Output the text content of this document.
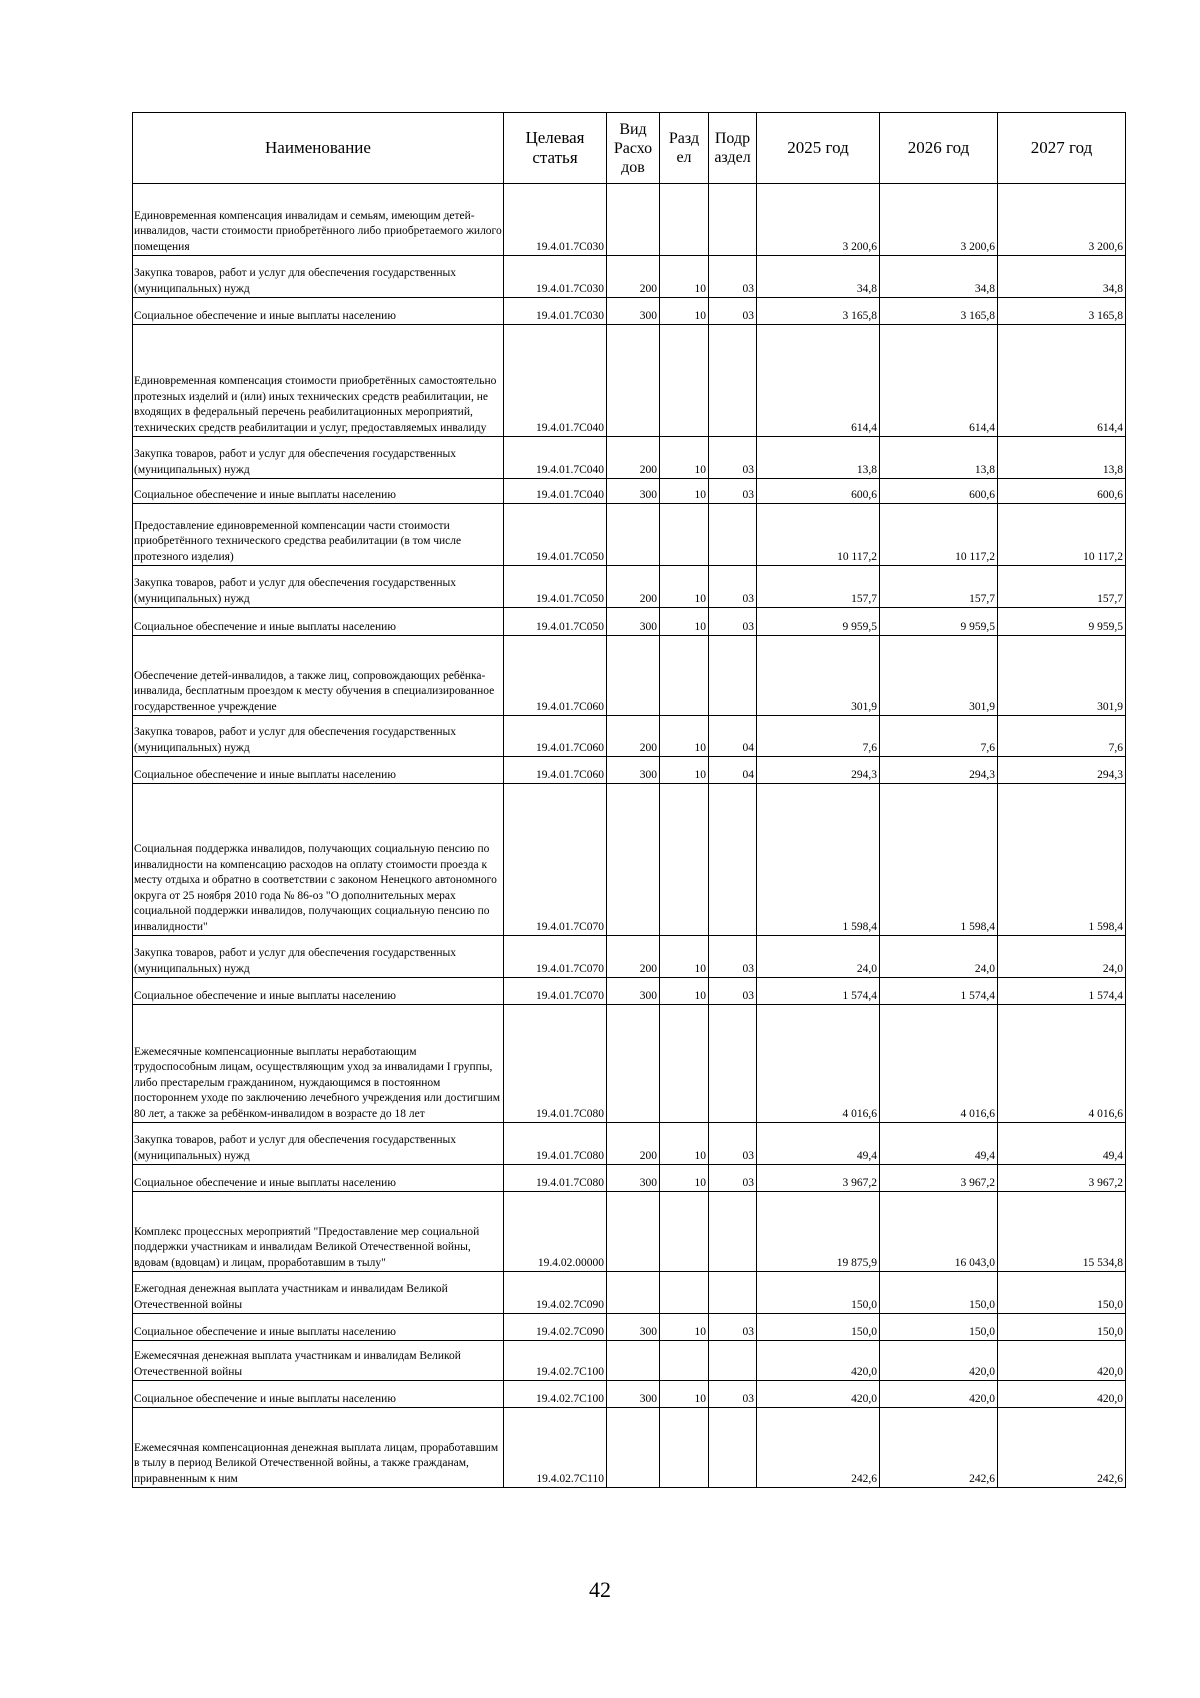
Наименование	Целевая статья	Вид Расхо дов	Разд ел	Подр аздел	2025 год	2026 год	2027 год
Единовременная компенсация инвалидам и семьям, имеющим детей-инвалидов, части стоимости приобретённого либо приобретаемого жилого помещения	19.4.01.7С030				3 200,6	3 200,6	3 200,6
Закупка товаров, работ и услуг для обеспечения государственных (муниципальных) нужд	19.4.01.7С030	200	10	03	34,8	34,8	34,8
Социальное обеспечение и иные выплаты населению	19.4.01.7С030	300	10	03	3 165,8	3 165,8	3 165,8
Единовременная компенсация стоимости приобретённых самостоятельно протезных изделий и (или) иных технических средств реабилитации, не входящих в федеральный перечень реабилитационных мероприятий, технических средств реабилитации и услуг, предоставляемых инвалиду	19.4.01.7С040				614,4	614,4	614,4
Закупка товаров, работ и услуг для обеспечения государственных (муниципальных) нужд	19.4.01.7С040	200	10	03	13,8	13,8	13,8
Социальное обеспечение и иные выплаты населению	19.4.01.7С040	300	10	03	600,6	600,6	600,6
Предоставление единовременной компенсации части стоимости приобретённого технического средства реабилитации (в том числе протезного изделия)	19.4.01.7С050				10 117,2	10 117,2	10 117,2
Закупка товаров, работ и услуг для обеспечения государственных (муниципальных) нужд	19.4.01.7С050	200	10	03	157,7	157,7	157,7
Социальное обеспечение и иные выплаты населению	19.4.01.7С050	300	10	03	9 959,5	9 959,5	9 959,5
Обеспечение детей-инвалидов, а также лиц, сопровождающих ребёнка-инвалида, бесплатным проездом к месту обучения в специализированное государственное учреждение	19.4.01.7С060				301,9	301,9	301,9
Закупка товаров, работ и услуг для обеспечения государственных (муниципальных) нужд	19.4.01.7С060	200	10	04	7,6	7,6	7,6
Социальное обеспечение и иные выплаты населению	19.4.01.7С060	300	10	04	294,3	294,3	294,3
Социальная поддержка инвалидов, получающих социальную пенсию по инвалидности на компенсацию расходов на оплату стоимости проезда к месту отдыха и обратно в соответствии с законом Ненецкого автономного округа от 25 ноября 2010 года № 86-оз "О дополнительных мерах социальной поддержки инвалидов, получающих социальную пенсию по инвалидности"	19.4.01.7С070				1 598,4	1 598,4	1 598,4
Закупка товаров, работ и услуг для обеспечения государственных (муниципальных) нужд	19.4.01.7С070	200	10	03	24,0	24,0	24,0
Социальное обеспечение и иные выплаты населению	19.4.01.7С070	300	10	03	1 574,4	1 574,4	1 574,4
Ежемесячные компенсационные выплаты неработающим трудоспособным лицам, осуществляющим уход за инвалидами I группы, либо престарелым гражданином, нуждающимся в постоянном постороннем уходе по заключению лечебного учреждения или достигшим 80 лет, а также за ребёнком-инвалидом в возрасте до 18 лет	19.4.01.7С080				4 016,6	4 016,6	4 016,6
Закупка товаров, работ и услуг для обеспечения государственных (муниципальных) нужд	19.4.01.7С080	200	10	03	49,4	49,4	49,4
Социальное обеспечение и иные выплаты населению	19.4.01.7С080	300	10	03	3 967,2	3 967,2	3 967,2
Комплекс процессных мероприятий "Предоставление мер социальной поддержки участникам и инвалидам Великой Отечественной войны, вдовам (вдовцам) и лицам, проработавшим в тылу"	19.4.02.00000				19 875,9	16 043,0	15 534,8
Ежегодная денежная выплата участникам и инвалидам Великой Отечественной войны	19.4.02.7С090				150,0	150,0	150,0
Социальное обеспечение и иные выплаты населению	19.4.02.7С090	300	10	03	150,0	150,0	150,0
Ежемесячная денежная выплата участникам и инвалидам Великой Отечественной войны	19.4.02.7С100				420,0	420,0	420,0
Социальное обеспечение и иные выплаты населению	19.4.02.7С100	300	10	03	420,0	420,0	420,0
Ежемесячная компенсационная денежная выплата лицам, проработавшим в тылу в период Великой Отечественной войны, а также гражданам, приравненным к ним	19.4.02.7С110				242,6	242,6	242,6
42
